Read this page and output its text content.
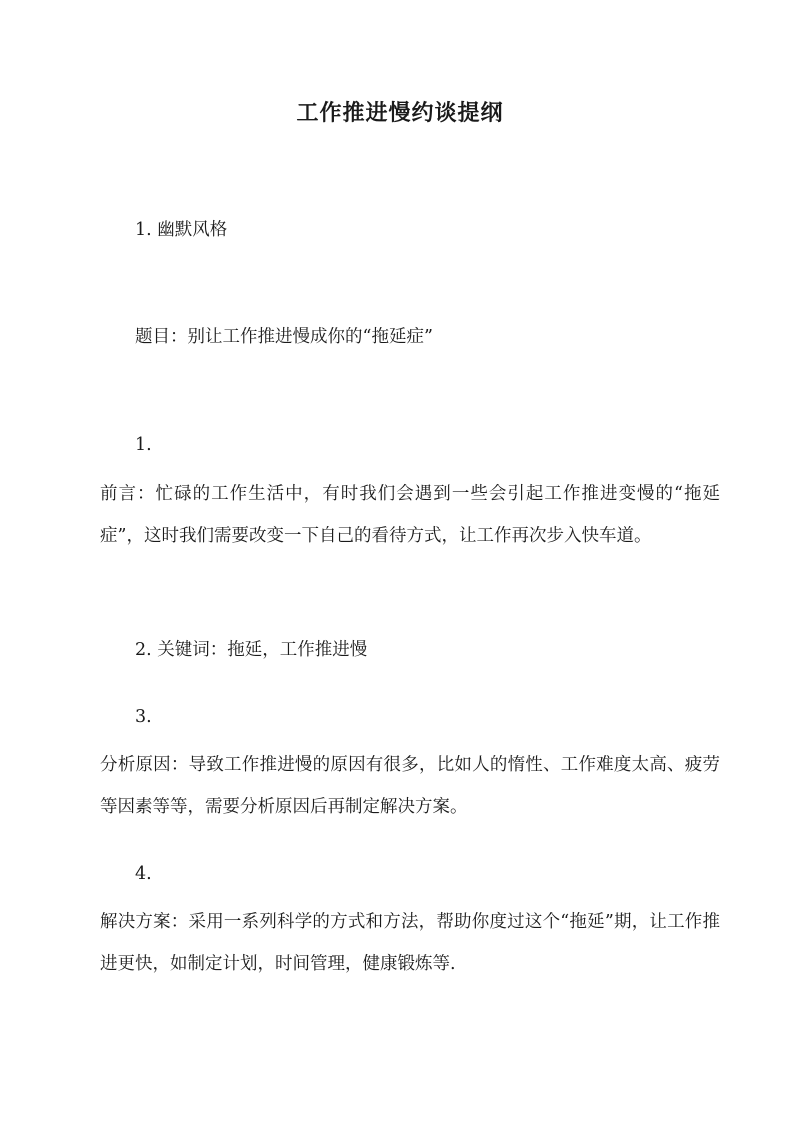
工作推进慢约谈提纲
1. 幽默风格
题目：别让工作推进慢成你的“拖延症”
1.
前言：忙碌的工作生活中，有时我们会遇到一些会引起工作推进变慢的“拖延症”，这时我们需要改变一下自己的看待方式，让工作再次步入快车道。
2. 关键词：拖延，工作推进慢
3.
分析原因：导致工作推进慢的原因有很多，比如人的惰性、工作难度太高、疲劳等因素等等，需要分析原因后再制定解决方案。
4.
解决方案：采用一系列科学的方式和方法，帮助你度过这个“拖延”期，让工作推进更快，如制定计划，时间管理，健康锻炼等.
